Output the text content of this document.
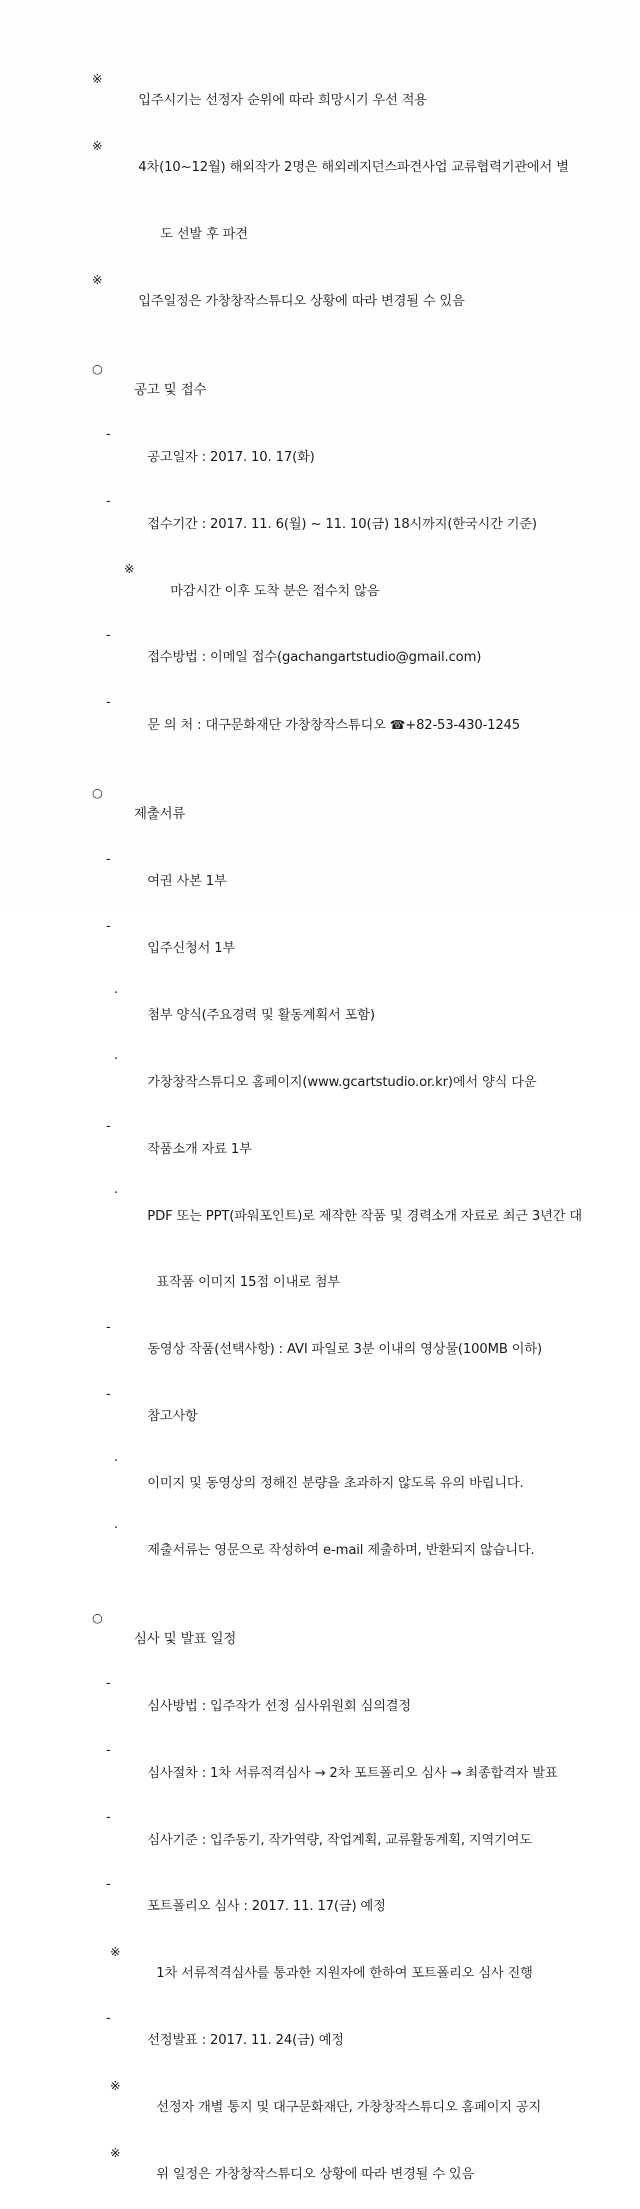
※
입주시기는 선정자 순위에 따라 희망시기 우선 적용

※
4차(10~12월) 해외작가 2명은 해외레지던스파견사업 교류협력기관에서 별

도 선발 후 파견

※
입주일정은 가창창작스튜디오 상황에 따라 변경될 수 있음

○
공고 및 접수

-
공고일자 : 2017. 10. 17(화)

-
접수기간 : 2017. 11. 6(월) ~ 11. 10(금) 18시까지(한국시간 기준)

※
마감시간 이후 도착 분은 접수치 않음

-
접수방법 : 이메일 접수(gachangartstudio@gmail.com)

-
문 의 처 : 대구문화재단 가창창작스튜디오 ☎+82-53-430-1245

○
제출서류

-
여권 사본 1부

-
입주신청서 1부

·
첨부 양식(주요경력 및 활동계획서 포함)

·
가창창작스튜디오 홈페이지(www.gcartstudio.or.kr)에서 양식 다운

-
작품소개 자료 1부

·
PDF 또는 PPT(파워포인트)로 제작한 작품 및 경력소개 자료로 최근 3년간 대

표작품 이미지 15점 이내로 첨부

-
동영상 작품(선택사항) : AVI 파일로 3분 이내의 영상물(100MB 이하)

-
참고사항

·
이미지 및 동영상의 정해진 분량을 초과하지 않도록 유의 바립니다.

·
제출서류는 영문으로 작성하여 e-mail 제출하며, 반환되지 않습니다.

○
심사 및 발표 일정

-
심사방법 : 입주작가 선정 심사위원회 심의결정

-
심사절차 : 1차 서류적격심사 → 2차 포트폴리오 심사 → 최종합격자 발표

-
심사기준 : 입주동기, 작가역량, 작업계획, 교류활동계획, 지역기여도

-
포트폴리오 심사 : 2017. 11. 17(금) 예정

※
1차 서류적격심사를 통과한 지원자에 한하여 포트폴리오 심사 진행

-
선정발표 : 2017. 11. 24(금) 예정

※
선정자 개별 통지 및 대구문화재단, 가창창작스튜디오 홈페이지 공지

※
위 일정은 가창창작스튜디오 상황에 따라 변경될 수 있음
